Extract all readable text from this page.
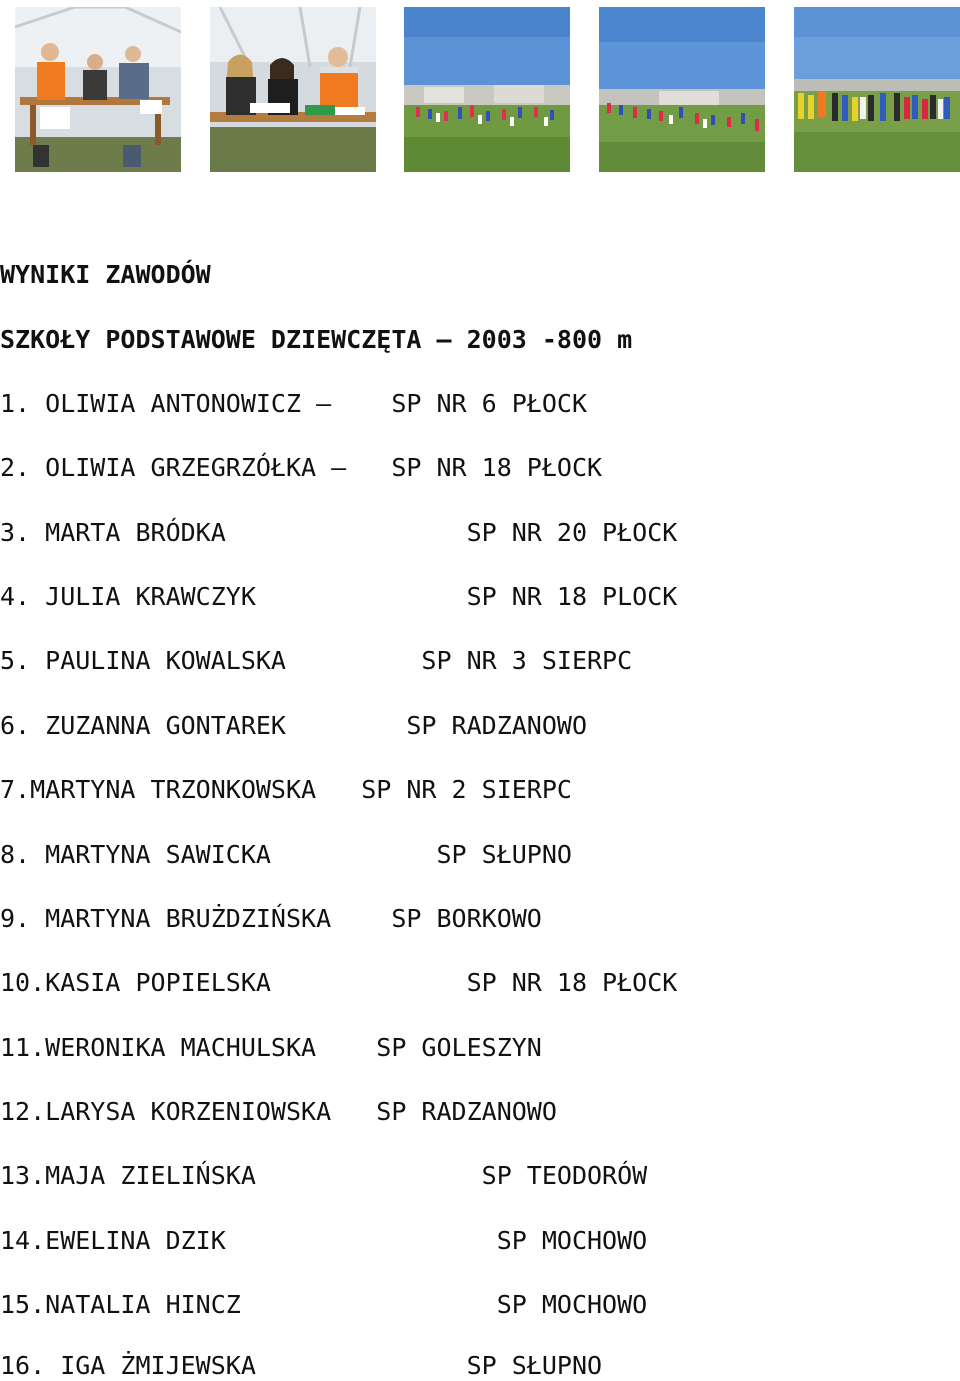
WYNIKI ZAWODÓW
SZKOŁY PODSTAWOWE DZIEWCZĘTA – 2003 -800 m
1. OLIWIA ANTONOWICZ –    SP NR 6 PŁOCK
2. OLIWIA GRZEGRZÓŁKA –   SP NR 18 PŁOCK
3. MARTA BRÓDKA                SP NR 20 PŁOCK
4. JULIA KRAWCZYK              SP NR 18 PLOCK
5. PAULINA KOWALSKA         SP NR 3 SIERPC
6. ZUZANNA GONTAREK        SP RADZANOWO
7.MARTYNA TRZONKOWSKA   SP NR 2 SIERPC
8. MARTYNA SAWICKA           SP SŁUPNO
9. MARTYNA BRUŻDZIŃSKA    SP BORKOWO
10.KASIA POPIELSKA             SP NR 18 PŁOCK
11.WERONIKA MACHULSKA    SP GOLESZYN
12.LARYSA KORZENIOWSKA   SP RADZANOWO
13.MAJA ZIELIŃSKA               SP TEODORÓW
14.EWELINA DZIK                  SP MOCHOWO
15.NATALIA HINCZ                 SP MOCHOWO
16. IGA ŻMIJEWSKA              SP SŁUPNO
